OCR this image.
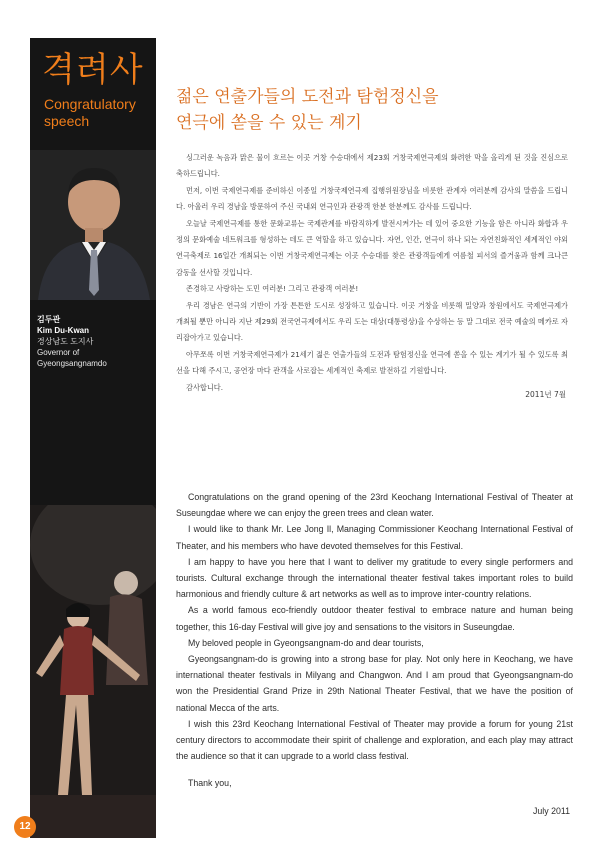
격려사
Congratulatory speech
김두관
Kim Du-Kwan
경상남도 도지사
Governor of
Gyeongsangnamdo
젊은 연출가들의 도전과 탐험정신을
연극에 쏟을 수 있는 계기

싱그러운 녹음과 맑은 물이 흐르는 이곳 거창 수승대에서 제23회 거창국제연극제의 화려한 막을 올리게 된 것을 진심으로 축하드립니다.

먼저, 이번 국제연극제를 준비하신 이종일 거창국제연극제 집행위원장님을 비롯한 관계자 여러분께 감사의 말씀을 드립니다. 아울러 우리 경남을 방문하여 주신 국내외 연극인과 관광객 한분 한분께도 감사를 드립니다.

오늘날 국제연극제를 통한 문화교류는 국제관계를 바람직하게 발전시켜가는 데 있어 중요한 기능을 함은 아니라 화합과 우정의 문화예술 네트워크를 형성하는 데도 큰 역할을 하고 있습니다. 자연, 인간, 연극이 하나 되는 자연친화적인 세계적인 야외연극축제로 16일간 개최되는 이번 거창국제연극제는 이곳 수승대를 찾은 관광객들에게 여름철 피서의 즐거움과 함께 크나큰 감동을 선사할 것입니다.

존경하고 사랑하는 도민 여러분! 그리고 관광객 여러분!

우리 경남은 연극의 기반이 가장 튼튼한 도시로 성장하고 있습니다. 이곳 거창을 비롯해 밀양과 창원에서도 국제연극제가 개최될 뿐만 아니라 지난 제29회 전국연극제에서도 우리 도는 대상(대통령상)을 수상하는 등 말 그대로 전국 예술의 메카로 자리잡아가고 있습니다.

아무쪼록 이번 거창국제연극제가 21세기 젊은 연출가들의 도전과 탐험정신을 연극에 쏟을 수 있는 계기가 될 수 있도록 최선을 다해 주시고, 공연장 마다 관객을 사로잡는 세계적인 축제로 발전하길 기원합니다.

감사합니다.

2011년 7월

Congratulations on the grand opening of the 23rd Keochang International Festival of Theater at Suseungdae where we can enjoy the green trees and clean water.

I would like to thank Mr. Lee Jong Il, Managing Commissioner Keochang International Festival of Theater, and his members who have devoted themselves for this Festival.

I am happy to have you here that I want to deliver my gratitude to every single performers and tourists. Cultural exchange through the international theater festival takes important roles to build harmonious and friendly culture & art networks as well as to improve inter-country relations.

As a world famous eco-friendly outdoor theater festival to embrace nature and human being together, this 16-day Festival will give joy and sensations to the visitors in Suseungdae.

My beloved people in Gyeongsangnam-do and dear tourists,

Gyeongsangnam-do is growing into a strong base for play. Not only here in Keochang, we have international theater festivals in Milyang and Changwon. And I am proud that Gyeongsangnam-do won the Presidential Grand Prize in 29th National Theater Festival, that we have the position of national Mecca of the arts.

I wish this 23rd Keochang International Festival of Theater may provide a forum for young 21st century directors to accommodate their spirit of challenge and exploration, and each play may attract the audience so that it can upgrade to a world class festival.

Thank you,
July 2011
12
